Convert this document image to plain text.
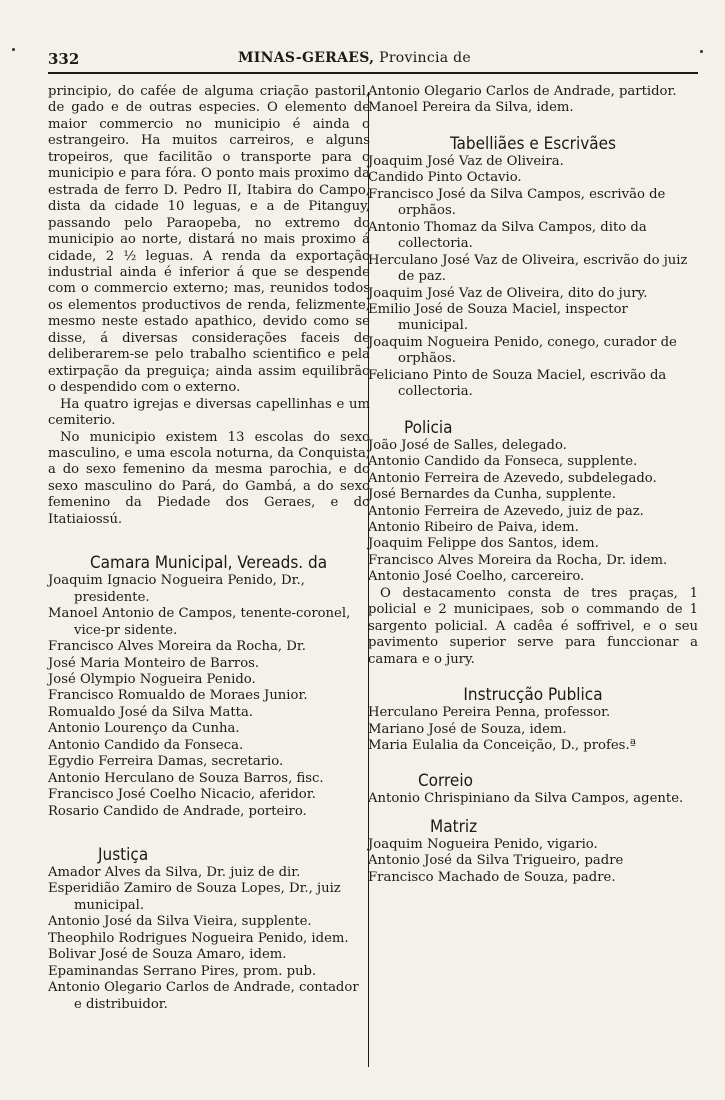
332	MINAS-GERAES, Provincia de

principio, do caféе de alguma criação pastoril, de gado e de outras especies. O elemento de maior commercio no municipio é ainda o estrangeiro. Ha muitos carreiros, e alguns tropeiros, que facilitão o transporte para o municipio e para fóra. O ponto mais proximo da estrada de ferro D. Pedro II, Itabira do Campo, dista da cidade 10 leguas, e a de Pitanguy, passando pelo Paraopeba, no extremo do municipio ao norte, distará no mais proximo á cidade, 2 ½ leguas. A renda da exportação industrial ainda é inferior á que se despende com o commercio externo; mas, reunidos todos os elementos productivos de renda, felizmente, mesmo neste estado apathico, devido como se disse, á diversas considerações faceis de deliberarem-se pelo trabalho scientifico e pela extirpação da preguiça; ainda assim equilibrão o despendido com o externo.

Ha quatro igrejas e diversas capellinhas e um cemiterio.

No municipio existem 13 escolas do sexo masculino, e uma escola noturna, da Conquista, a do sexo femenino da mesma parochia, e do sexo masculino do Pará, do Gambá, a do sexo femenino da Piedade dos Geraes, e do Itatiaiossú.

Camara Municipal, Vereads. da

Joaquim Ignacio Nogueira Penido, Dr., presidente.

Manoel Antonio de Campos, tenente-coronel, vice-pr sidente.

Francisco Alves Moreira da Rocha, Dr.

José Maria Monteiro de Barros.

José Olympio Nogueira Penido.

Francisco Romualdo de Moraes Junior.

Romualdo José da Silva Matta.

Antonio Lourenço da Cunha.

Antonio Candido da Fonseca.

Egydio Ferreira Damas, secretario.

Antonio Herculano de Souza Barros, fisc.

Francisco José Coelho Nicacio, aferidor.

Rosario Candido de Andrade, porteiro.

Justiça

Amador Alves da Silva, Dr. juiz de dir.

Esperidião Zamiro de Souza Lopes, Dr., juiz municipal.

Antonio José da Silva Vieira, supplente.

Theophilo Rodrigues Nogueira Penido, idem.

Bolivar José de Souza Amaro, idem.

Epaminandas Serrano Pires, prom. pub.

Antonio Olegario Carlos de Andrade, contador e distribuidor.

Antonio Olegario Carlos de Andrade, partidor.

Manoel Pereira da Silva, idem.

Tabelliães e Escrivães

Joaquim José Vaz de Oliveira.

Candido Pinto Octavio.

Francisco José da Silva Campos, escrivão de orphãos.

Antonio Thomaz da Silva Campos, dito da collectoria.

Herculano José Vaz de Oliveira, escrivão do juiz de paz.

Joaquim José Vaz de Oliveira, dito do jury.

Emilio José de Souza Maciel, inspector municipal.

Joaquim Nogueira Penido, conego, curador de orphãos.

Feliciano Pinto de Souza Maciel, escrivão da collectoria.

Policia

João José de Salles, delegado.

Antonio Candido da Fonseca, supplente.

Antonio Ferreira de Azevedo, subdelegado.

José Bernardes da Cunha, supplente.

Antonio Ferreira de Azevedo, juiz de paz.

Antonio Ribeiro de Paiva, idem.

Joaquim Felippe dos Santos, idem.

Francisco Alves Moreira da Rocha, Dr. idem.

Antonio José Coelho, carcereiro.

O destacamento consta de tres praças, 1 policial e 2 municipaes, sob o commando de 1 sargento policial. A cadêa é soffrivel, e o seu pavimento superior serve para funccionar a camara e o jury.

Instrucção Publica

Herculano Pereira Penna, professor.

Mariano José de Souza, idem.

Maria Eulalia da Conceição, D., profes.ª

Correio

Antonio Chrispiniano da Silva Campos, agente.

Matriz

Joaquim Nogueira Penido, vigario.

Antonio José da Silva Trigueiro, padre

Francisco Machado de Souza, padre.
